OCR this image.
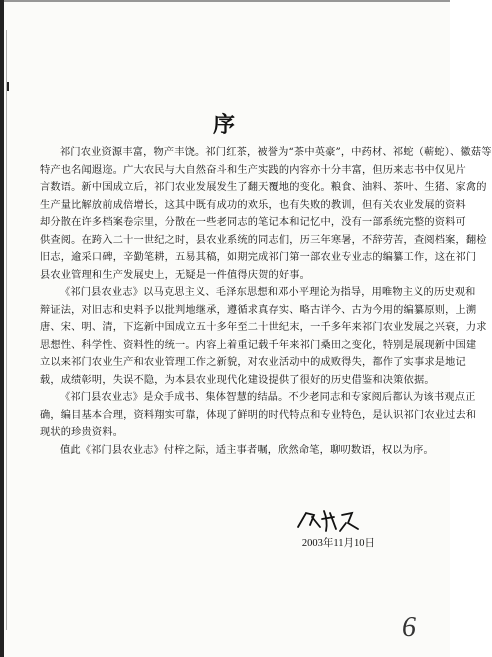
序
祁门农业资源丰富，物产丰饶。祁门红茶，被誉为“茶中英豪”，中药材、祁蛇（蕲蛇）、徽菇等
特产也名闻遐迩。广大农民与大自然奋斗和生产实践的内容亦十分丰富，但历来志书中仅见片
言数语。新中国成立后，祁门农业发展发生了翻天覆地的变化。粮食、油料、茶叶、生猪、家禽的
生产量比解放前成倍增长，这其中既有成功的欢乐，也有失败的教训，但有关农业发展的资料
却分散在许多档案卷宗里，分散在一些老同志的笔记本和记忆中，没有一部系统完整的资料可
供查阅。在跨入二十一世纪之时，县农业系统的同志们，历三年寒暑，不辞劳苦，查阅档案，翻检
旧志，逾采口碑，辛勤笔耕，五易其稿，如期完成祁门第一部农业专业志的编纂工作，这在祁门
县农业管理和生产发展史上，无疑是一件值得庆贺的好事。
《祁门县农业志》以马克思主义、毛泽东思想和邓小平理论为指导，用唯物主义的历史观和
辩证法，对旧志和史料予以批判地继承，遵循求真存实、略古详今、古为今用的编纂原则，上溯
唐、宋、明、清，下迄新中国成立五十多年至二十世纪末，一千多年来祁门农业发展之兴衰，力求
思想性、科学性、资料性的统一。内容上着重记载千年来祁门桑田之变化，特别是展现新中国建
立以来祁门农业生产和农业管理工作之新貌，对农业活动中的成败得失，都作了实事求是地记
载，成绩彰明，失误不隐，为本县农业现代化建设提供了很好的历史借鉴和决策依据。
《祁门县农业志》是众手成书、集体智慧的结晶。不少老同志和专家阅后都认为该书观点正
确，编目基本合理，资料翔实可靠，体现了鲜明的时代特点和专业特色，是认识祁门农业过去和
现状的珍贵资料。
值此《祁门县农业志》付梓之际，适主事者嘱，欣然命笔，聊叨数语，权以为序。
2003年11月10日
6
